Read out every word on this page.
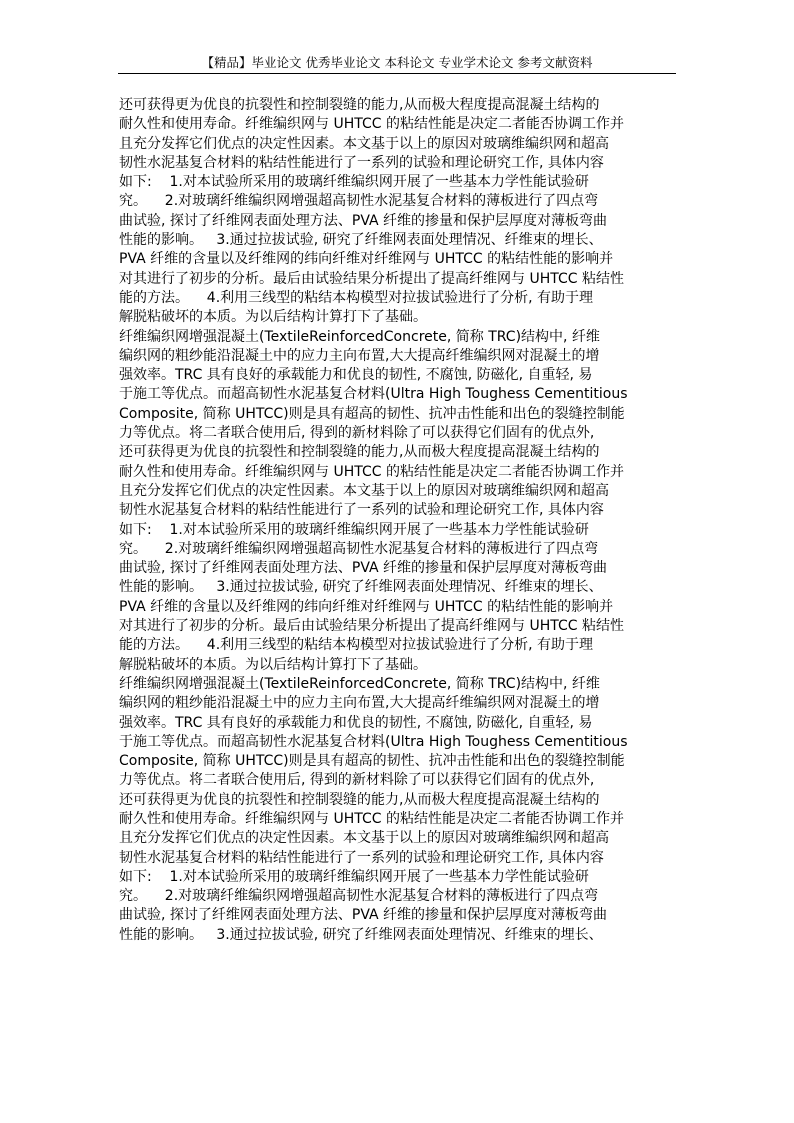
【精品】毕业论文 优秀毕业论文 本科论文 专业学术论文 参考文献资料
还可获得更为优良的抗裂性和控制裂缝的能力,从而极大程度提高混凝土结构的
耐久性和使用寿命。纤维编织网与 UHTCC 的粘结性能是决定二者能否协调工作并
且充分发挥它们优点的决定性因素。本文基于以上的原因对玻璃维编织网和超高
韧性水泥基复合材料的粘结性能进行了一系列的试验和理论研究工作, 具体内容
如下:    1.对本试验所采用的玻璃纤维编织网开展了一些基本力学性能试验研
究。    2.对玻璃纤维编织网增强超高韧性水泥基复合材料的薄板进行了四点弯
曲试验, 探讨了纤维网表面处理方法、PVA 纤维的掺量和保护层厚度对薄板弯曲
性能的影响。   3.通过拉拔试验, 研究了纤维网表面处理情况、纤维束的埋长、
PVA 纤维的含量以及纤维网的纬向纤维对纤维网与 UHTCC 的粘结性能的影响并
对其进行了初步的分析。最后由试验结果分析提出了提高纤维网与 UHTCC 粘结性
能的方法。    4.利用三线型的粘结本构模型对拉拔试验进行了分析, 有助于理
解脱粘破坏的本质。为以后结构计算打下了基础。
纤维编织网增强混凝土(TextileReinforcedConcrete, 简称 TRC)结构中, 纤维
编织网的粗纱能沿混凝土中的应力主向布置,大大提高纤维编织网对混凝土的增
强效率。TRC 具有良好的承载能力和优良的韧性, 不腐蚀, 防磁化, 自重轻, 易
于施工等优点。而超高韧性水泥基复合材料(Ultra High Toughess Cementitious
Composite, 简称 UHTCC)则是具有超高的韧性、抗冲击性能和出色的裂缝控制能
力等优点。将二者联合使用后, 得到的新材料除了可以获得它们固有的优点外,
还可获得更为优良的抗裂性和控制裂缝的能力,从而极大程度提高混凝土结构的
耐久性和使用寿命。纤维编织网与 UHTCC 的粘结性能是决定二者能否协调工作并
且充分发挥它们优点的决定性因素。本文基于以上的原因对玻璃维编织网和超高
韧性水泥基复合材料的粘结性能进行了一系列的试验和理论研究工作, 具体内容
如下:    1.对本试验所采用的玻璃纤维编织网开展了一些基本力学性能试验研
究。    2.对玻璃纤维编织网增强超高韧性水泥基复合材料的薄板进行了四点弯
曲试验, 探讨了纤维网表面处理方法、PVA 纤维的掺量和保护层厚度对薄板弯曲
性能的影响。   3.通过拉拔试验, 研究了纤维网表面处理情况、纤维束的埋长、
PVA 纤维的含量以及纤维网的纬向纤维对纤维网与 UHTCC 的粘结性能的影响并
对其进行了初步的分析。最后由试验结果分析提出了提高纤维网与 UHTCC 粘结性
能的方法。    4.利用三线型的粘结本构模型对拉拔试验进行了分析, 有助于理
解脱粘破坏的本质。为以后结构计算打下了基础。
纤维编织网增强混凝土(TextileReinforcedConcrete, 简称 TRC)结构中, 纤维
编织网的粗纱能沿混凝土中的应力主向布置,大大提高纤维编织网对混凝土的增
强效率。TRC 具有良好的承载能力和优良的韧性, 不腐蚀, 防磁化, 自重轻, 易
于施工等优点。而超高韧性水泥基复合材料(Ultra High Toughess Cementitious
Composite, 简称 UHTCC)则是具有超高的韧性、抗冲击性能和出色的裂缝控制能
力等优点。将二者联合使用后, 得到的新材料除了可以获得它们固有的优点外,
还可获得更为优良的抗裂性和控制裂缝的能力,从而极大程度提高混凝土结构的
耐久性和使用寿命。纤维编织网与 UHTCC 的粘结性能是决定二者能否协调工作并
且充分发挥它们优点的决定性因素。本文基于以上的原因对玻璃维编织网和超高
韧性水泥基复合材料的粘结性能进行了一系列的试验和理论研究工作, 具体内容
如下:    1.对本试验所采用的玻璃纤维编织网开展了一些基本力学性能试验研
究。    2.对玻璃纤维编织网增强超高韧性水泥基复合材料的薄板进行了四点弯
曲试验, 探讨了纤维网表面处理方法、PVA 纤维的掺量和保护层厚度对薄板弯曲
性能的影响。   3.通过拉拔试验, 研究了纤维网表面处理情况、纤维束的埋长、
